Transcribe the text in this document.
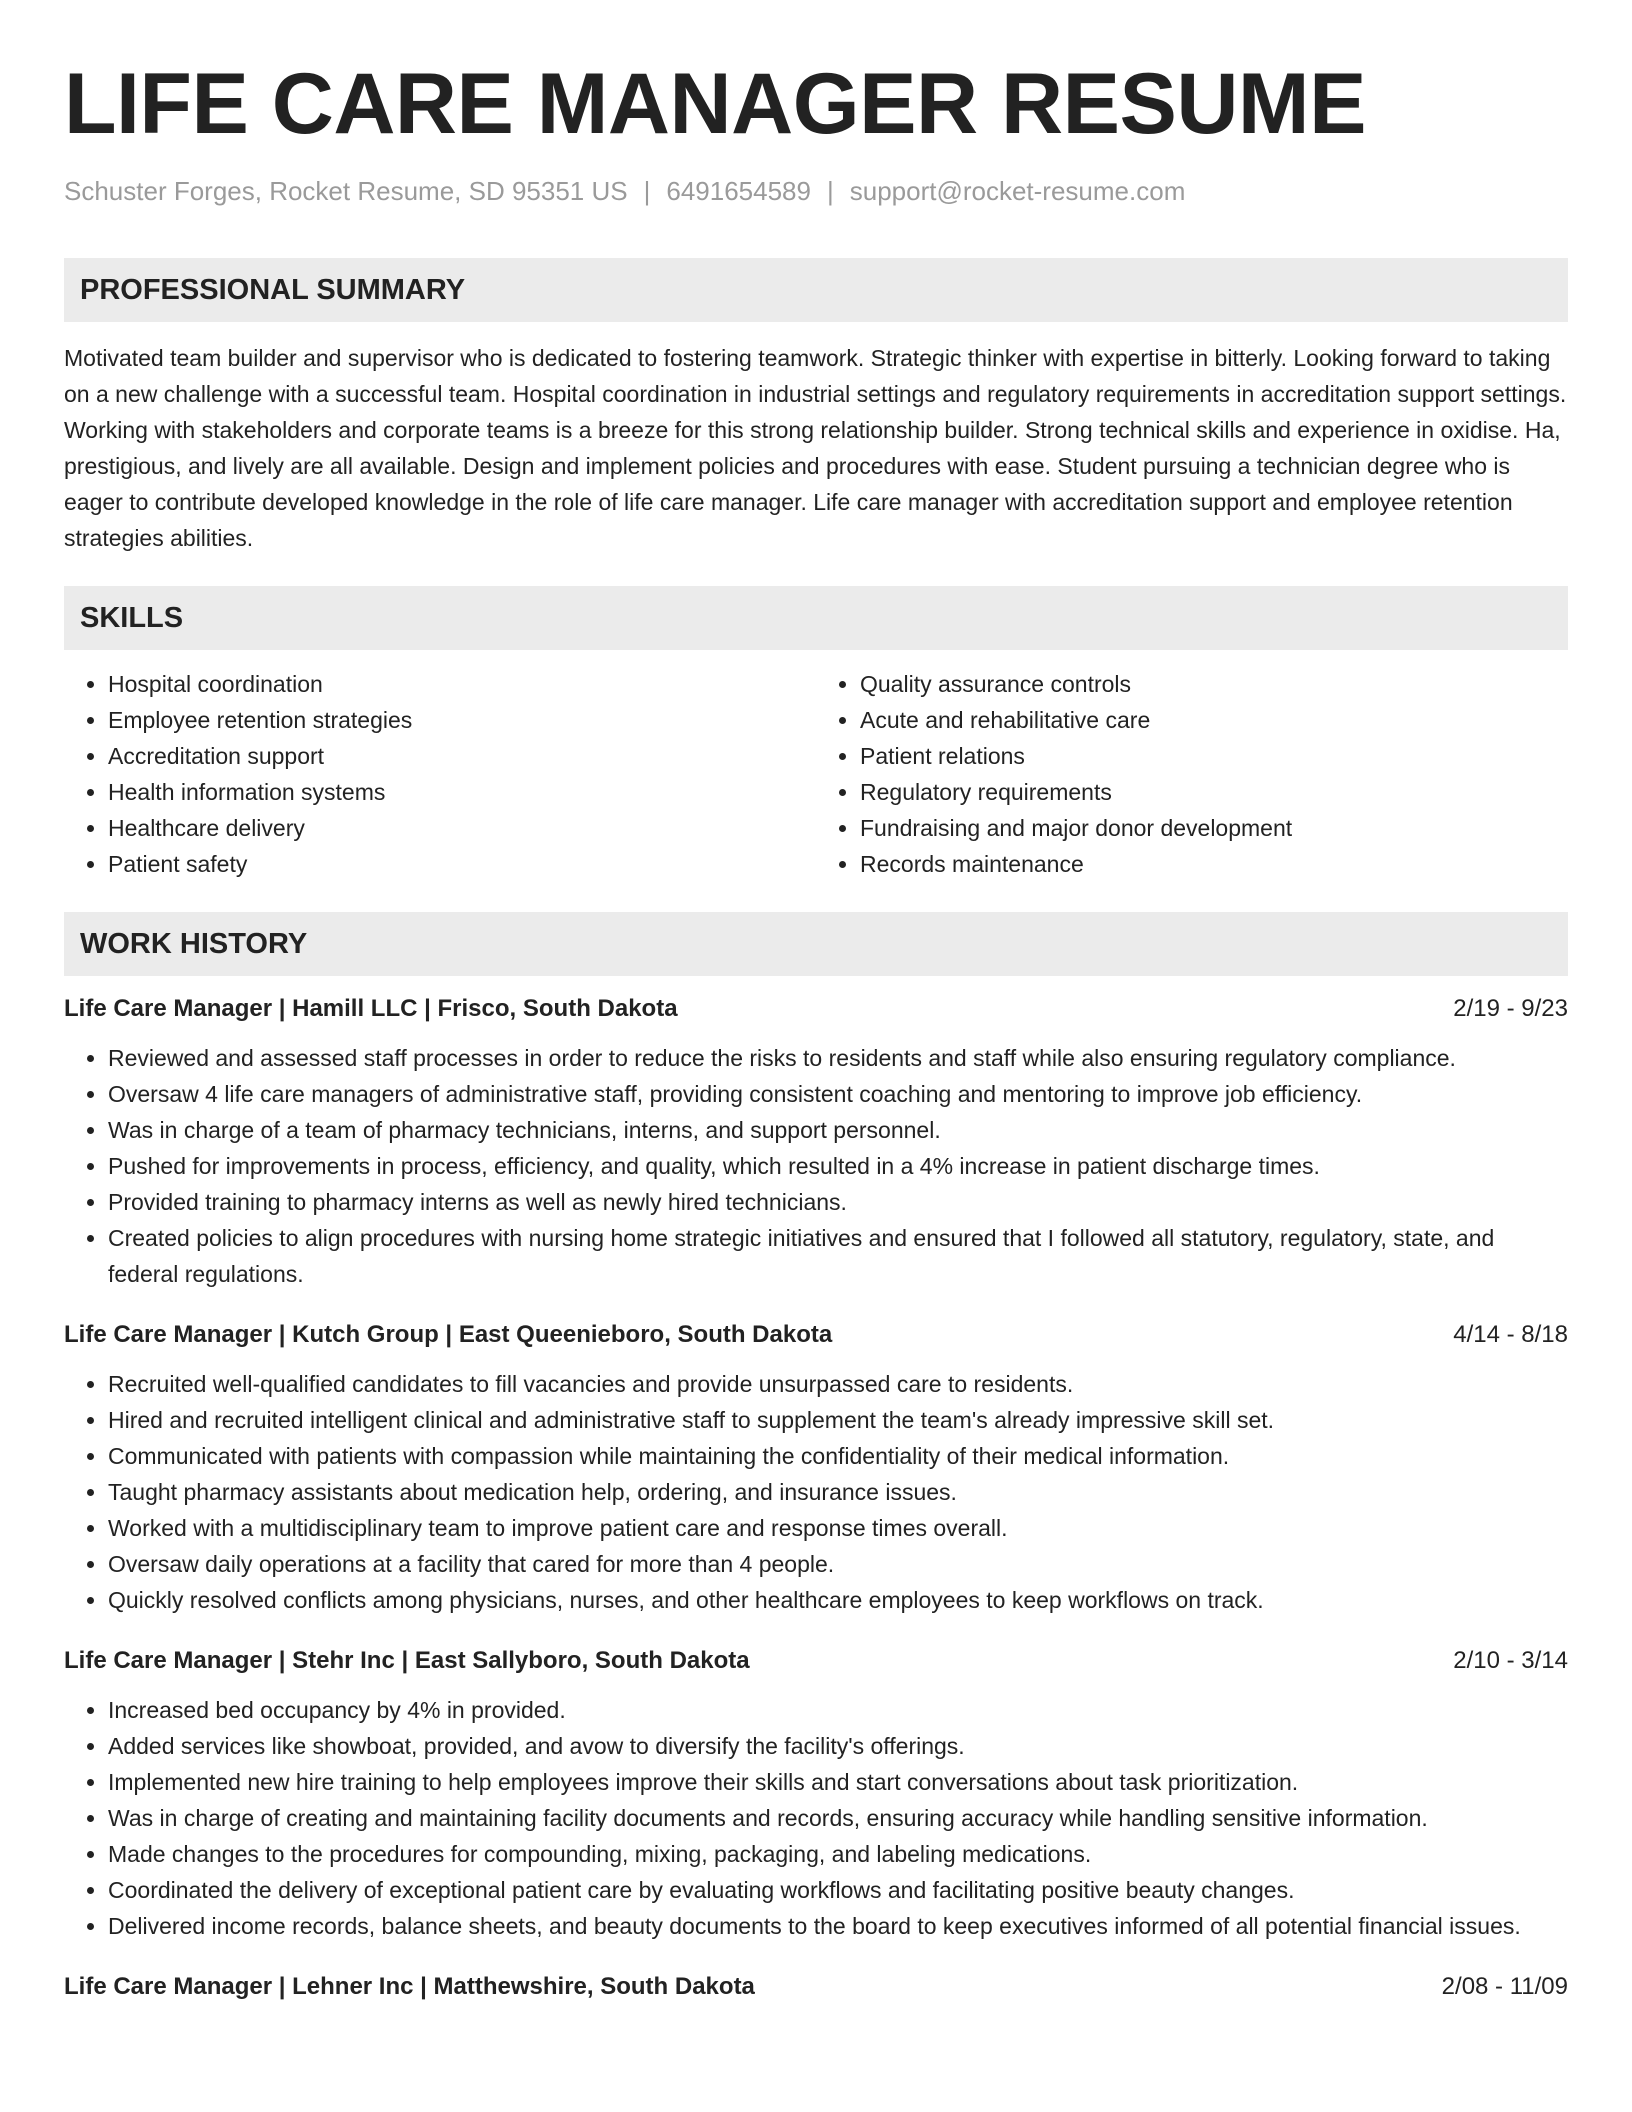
LIFE CARE MANAGER RESUME
Schuster Forges, Rocket Resume, SD 95351 US | 6491654589 | support@rocket-resume.com
PROFESSIONAL SUMMARY

Motivated team builder and supervisor who is dedicated to fostering teamwork. Strategic thinker with expertise in bitterly. Looking forward to taking on a new challenge with a successful team. Hospital coordination in industrial settings and regulatory requirements in accreditation support settings. Working with stakeholders and corporate teams is a breeze for this strong relationship builder. Strong technical skills and experience in oxidise. Ha, prestigious, and lively are all available. Design and implement policies and procedures with ease. Student pursuing a technician degree who is eager to contribute developed knowledge in the role of life care manager. Life care manager with accreditation support and employee retention strategies abilities.

SKILLS
• Hospital coordination
• Employee retention strategies
• Accreditation support
• Health information systems
• Healthcare delivery
• Patient safety
• Quality assurance controls
• Acute and rehabilitative care
• Patient relations
• Regulatory requirements
• Fundraising and major donor development
• Records maintenance
WORK HISTORY
Life Care Manager | Hamill LLC | Frisco, South Dakota	2/19 - 9/23
• Reviewed and assessed staff processes in order to reduce the risks to residents and staff while also ensuring regulatory compliance.
• Oversaw 4 life care managers of administrative staff, providing consistent coaching and mentoring to improve job efficiency.
• Was in charge of a team of pharmacy technicians, interns, and support personnel.
• Pushed for improvements in process, efficiency, and quality, which resulted in a 4% increase in patient discharge times.
• Provided training to pharmacy interns as well as newly hired technicians.
• Created policies to align procedures with nursing home strategic initiatives and ensured that I followed all statutory, regulatory, state, and federal regulations.
Life Care Manager | Kutch Group | East Queenieboro, South Dakota	4/14 - 8/18
• Recruited well-qualified candidates to fill vacancies and provide unsurpassed care to residents.
• Hired and recruited intelligent clinical and administrative staff to supplement the team's already impressive skill set.
• Communicated with patients with compassion while maintaining the confidentiality of their medical information.
• Taught pharmacy assistants about medication help, ordering, and insurance issues.
• Worked with a multidisciplinary team to improve patient care and response times overall.
• Oversaw daily operations at a facility that cared for more than 4 people.
• Quickly resolved conflicts among physicians, nurses, and other healthcare employees to keep workflows on track.
Life Care Manager | Stehr Inc | East Sallyboro, South Dakota	2/10 - 3/14
• Increased bed occupancy by 4% in provided.
• Added services like showboat, provided, and avow to diversify the facility's offerings.
• Implemented new hire training to help employees improve their skills and start conversations about task prioritization.
• Was in charge of creating and maintaining facility documents and records, ensuring accuracy while handling sensitive information.
• Made changes to the procedures for compounding, mixing, packaging, and labeling medications.
• Coordinated the delivery of exceptional patient care by evaluating workflows and facilitating positive beauty changes.
• Delivered income records, balance sheets, and beauty documents to the board to keep executives informed of all potential financial issues.
Life Care Manager | Lehner Inc | Matthewshire, South Dakota	2/08 - 11/09
